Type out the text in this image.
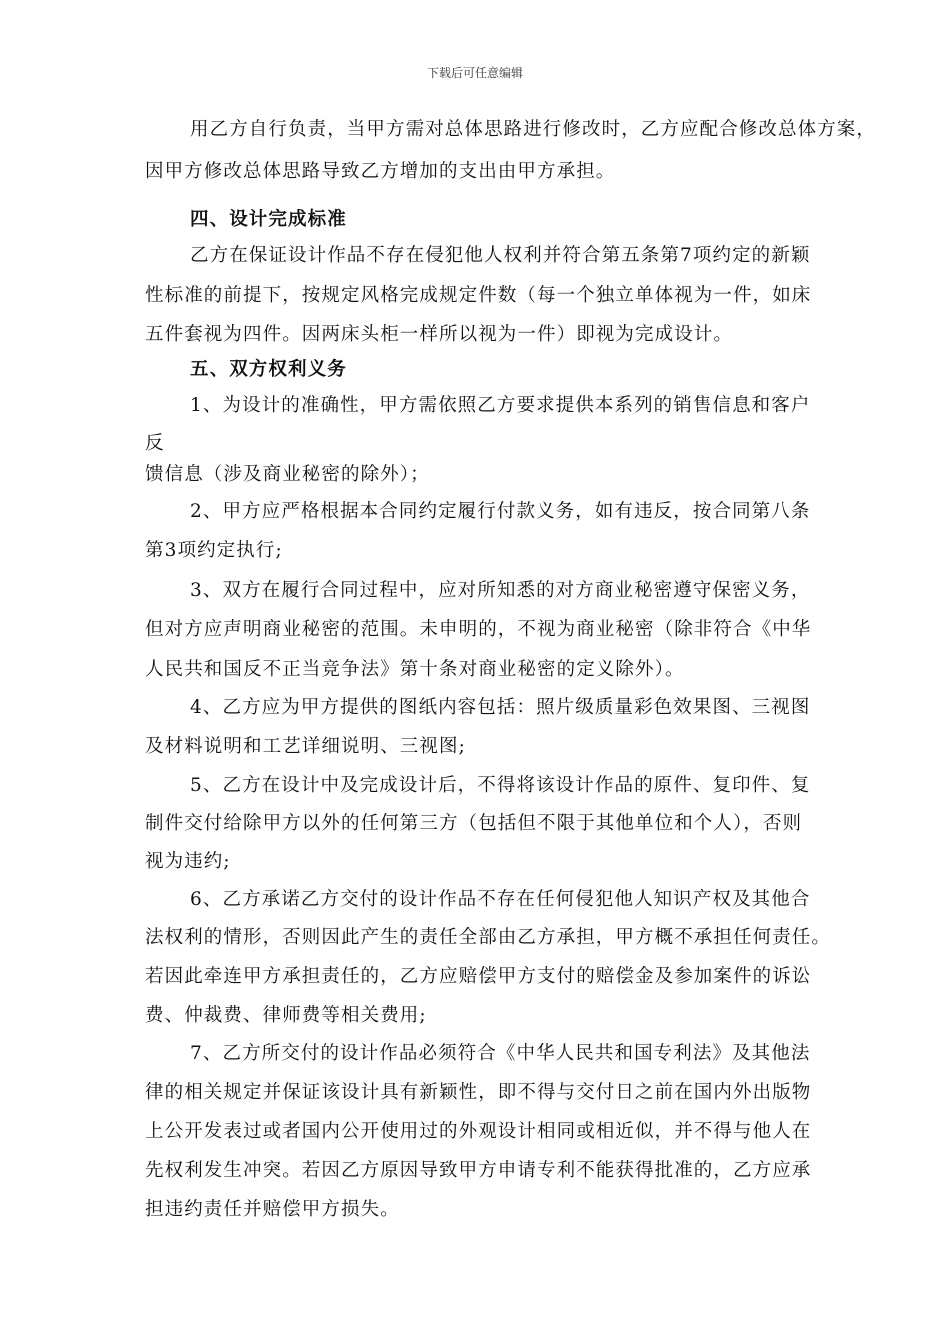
下载后可任意编辑
用乙方自行负责，当甲方需对总体思路进行修改时，乙方应配合修改总体方案，
因甲方修改总体思路导致乙方增加的支出由甲方承担。
四、设计完成标准
乙方在保证设计作品不存在侵犯他人权利并符合第五条第7项约定的新颖
性标准的前提下，按规定风格完成规定件数（每一个独立单体视为一件，如床
五件套视为四件。因两床头柜一样所以视为一件）即视为完成设计。
五、双方权利义务
1、为设计的准确性，甲方需依照乙方要求提供本系列的销售信息和客户
反
馈信息（涉及商业秘密的除外）；
2、甲方应严格根据本合同约定履行付款义务，如有违反，按合同第八条
第3项约定执行;
3、双方在履行合同过程中，应对所知悉的对方商业秘密遵守保密义务，
但对方应声明商业秘密的范围。未申明的，不视为商业秘密（除非符合《中华
人民共和国反不正当竞争法》第十条对商业秘密的定义除外）。
4、乙方应为甲方提供的图纸内容包括：照片级质量彩色效果图、三视图
及材料说明和工艺详细说明、三视图;
5、乙方在设计中及完成设计后，不得将该设计作品的原件、复印件、复
制件交付给除甲方以外的任何第三方（包括但不限于其他单位和个人），否则
视为违约;
6、乙方承诺乙方交付的设计作品不存在任何侵犯他人知识产权及其他合
法权利的情形，否则因此产生的责任全部由乙方承担，甲方概不承担任何责任。
若因此牵连甲方承担责任的，乙方应赔偿甲方支付的赔偿金及参加案件的诉讼
费、仲裁费、律师费等相关费用;
7、乙方所交付的设计作品必须符合《中华人民共和国专利法》及其他法
律的相关规定并保证该设计具有新颖性，即不得与交付日之前在国内外出版物
上公开发表过或者国内公开使用过的外观设计相同或相近似，并不得与他人在
先权利发生冲突。若因乙方原因导致甲方申请专利不能获得批准的，乙方应承
担违约责任并赔偿甲方损失。
